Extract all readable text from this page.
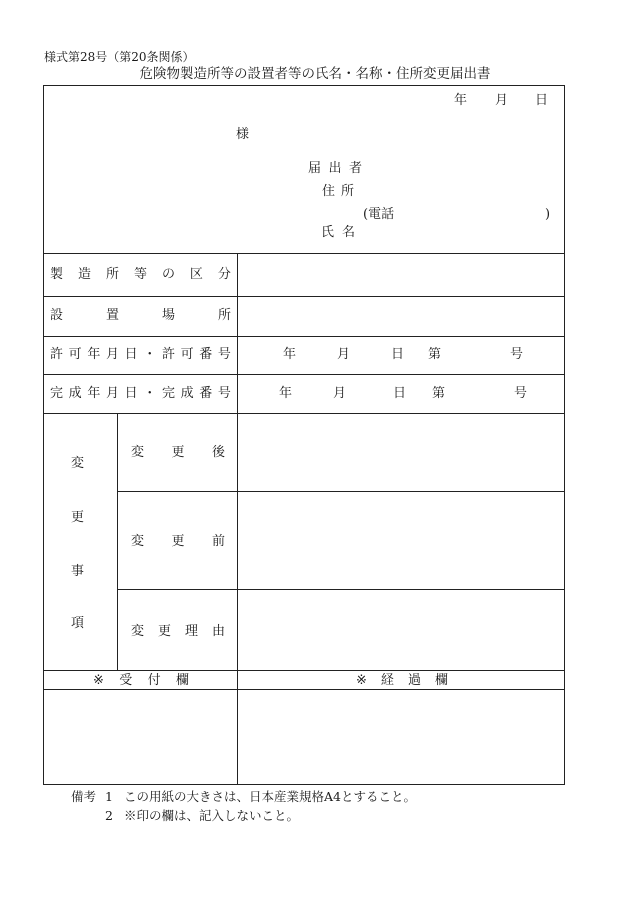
様式第28号（第20条関係）
危険物製造所等の設置者等の氏名・名称・住所変更届出書
年 月 日
様
届 出 者
住 所
(電話	)
氏 名
製 造 所 等 の 区 分
設	置	場	所
許 可 年 月 日 ・ 許 可 番 号	年	月	日 第	号
完 成 年 月 日 ・ 完 成 番 号	年	月	日 第	号
変
更
事
項
変 更 後
変 更 前
変 更 理 由
※ 受 付 欄	※ 経 過 欄
備考 1 この用紙の大きさは、日本産業規格A4とすること。
2 ※印の欄は、記入しないこと。
